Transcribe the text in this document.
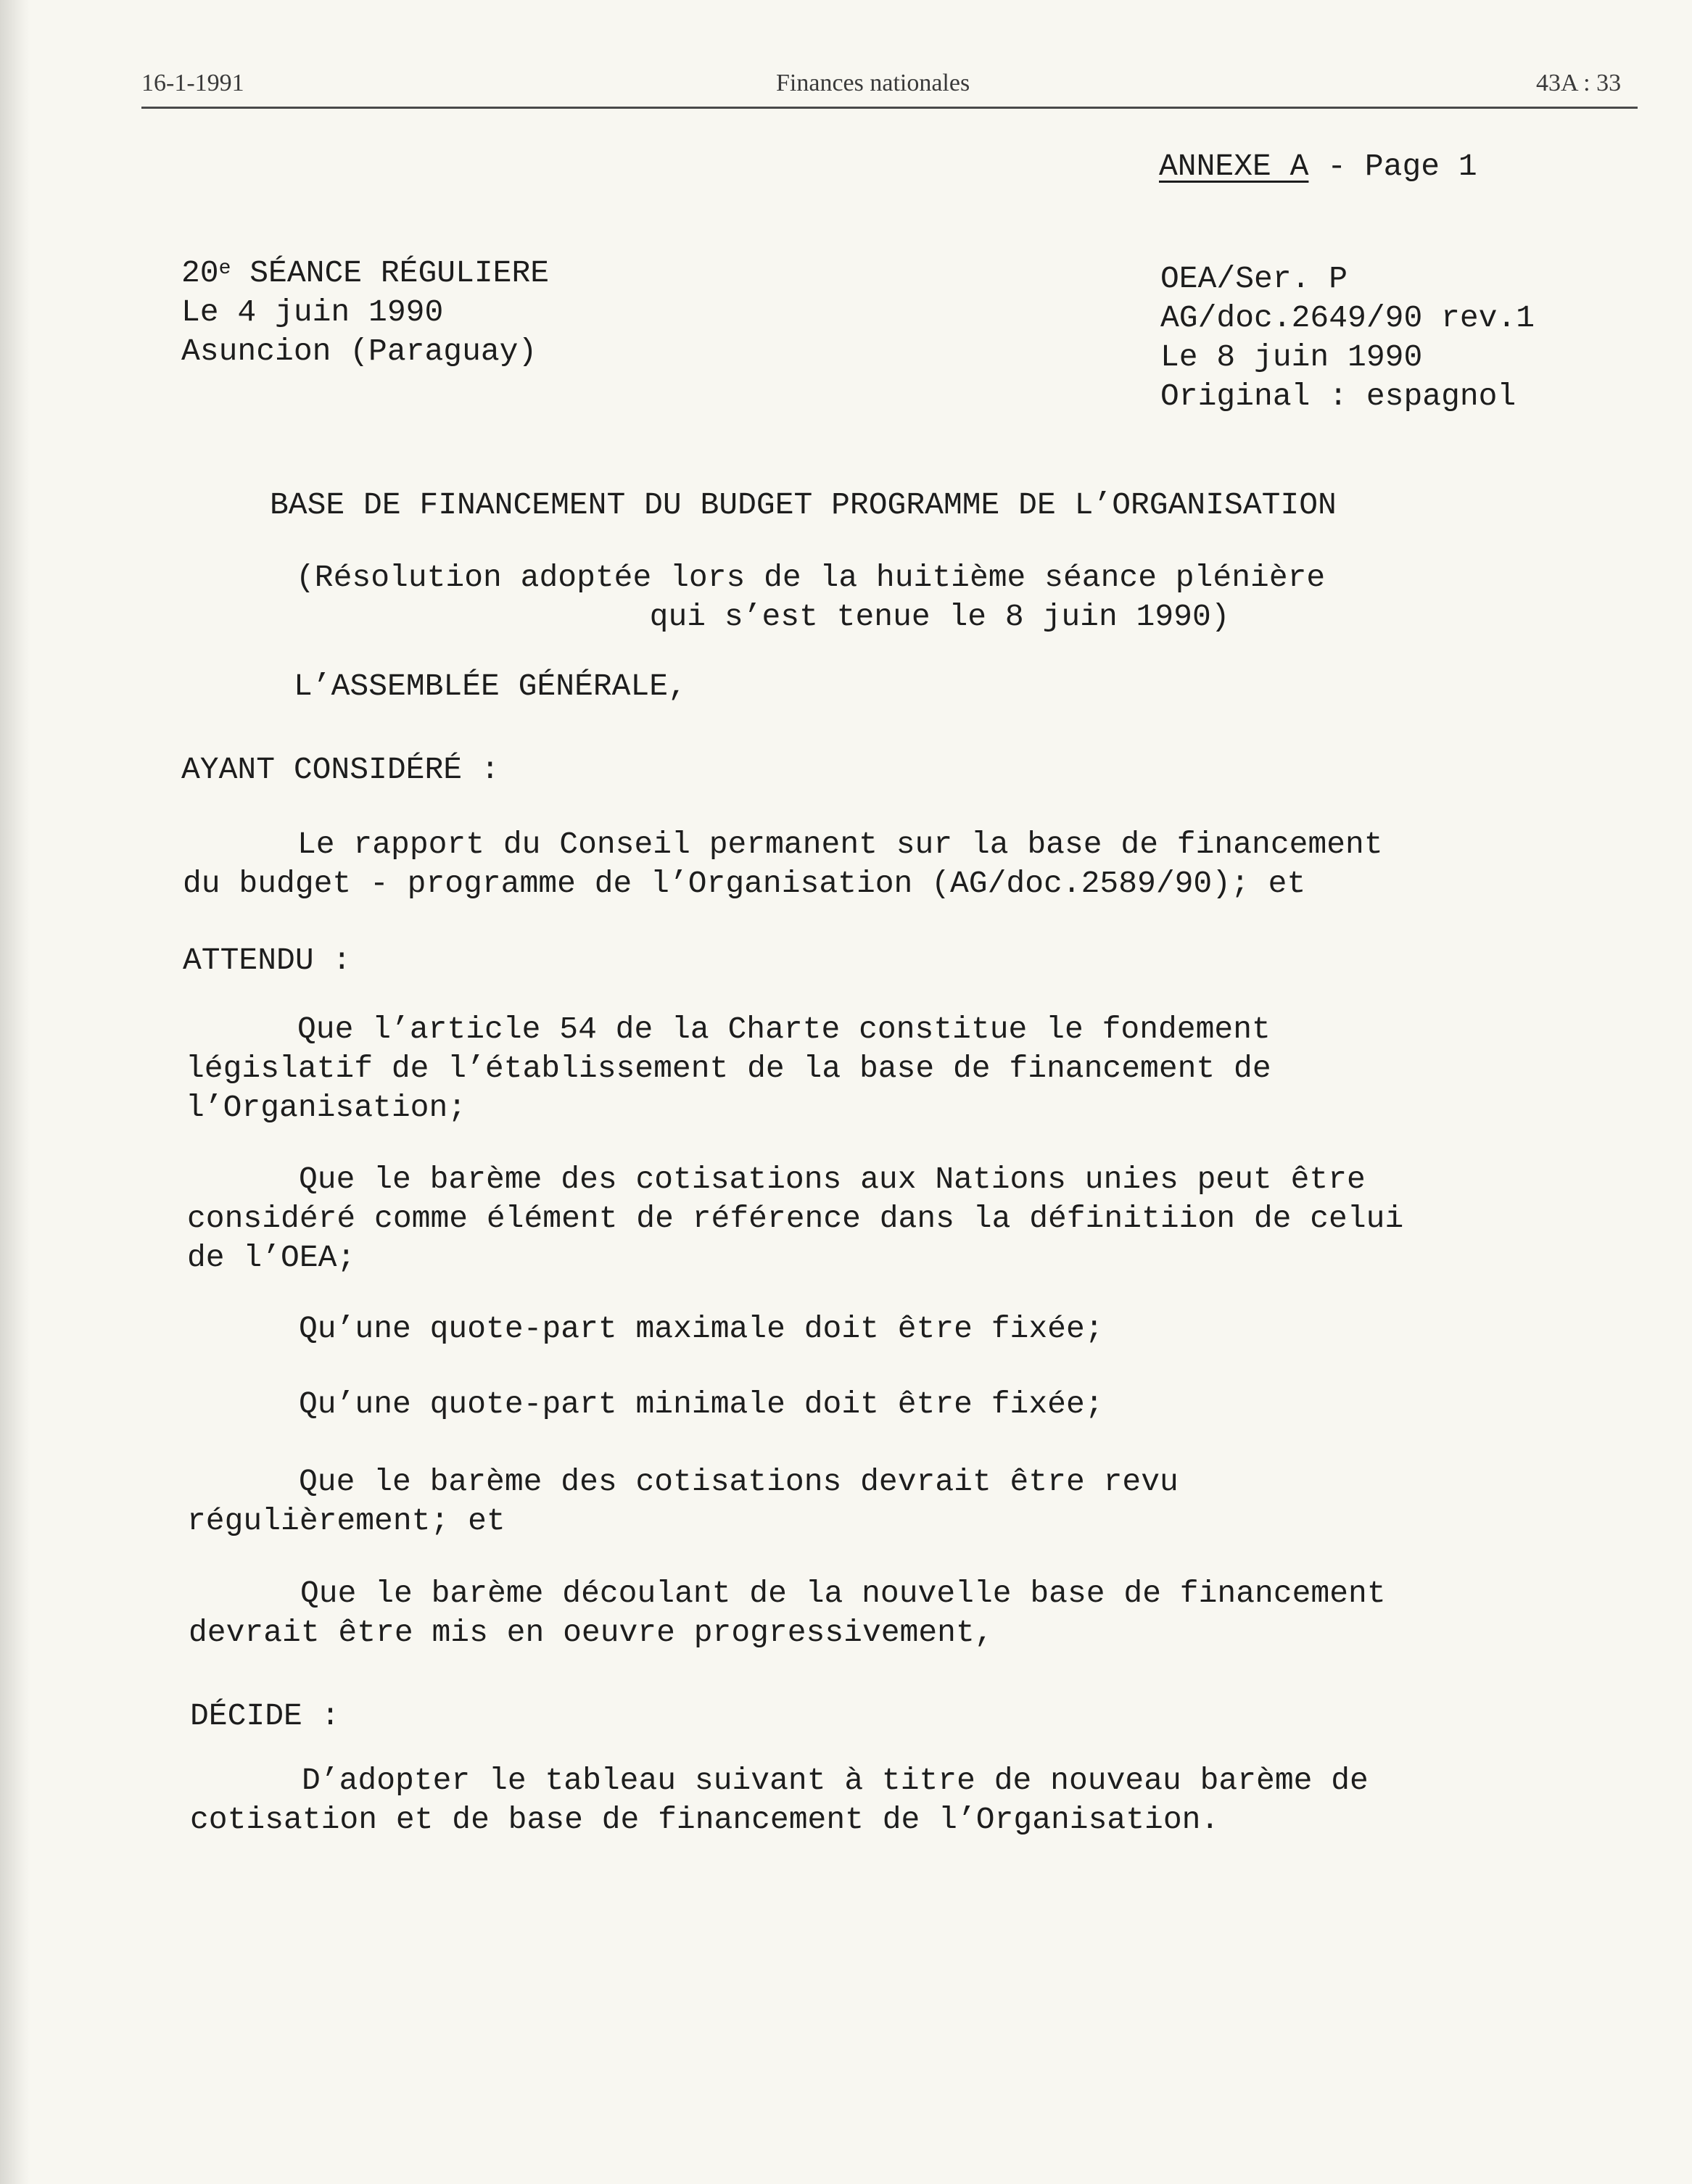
16-1-1991	Finances nationales	43A : 33
ANNEXE A - Page 1
20e SÉANCE RÉGULIERE
Le 4 juin 1990
Asuncion (Paraguay)
OEA/Ser. P
AG/doc.2649/90 rev.1
Le 8 juin 1990
Original : espagnol
BASE DE FINANCEMENT DU BUDGET PROGRAMME DE L’ORGANISATION
(Résolution adoptée lors de la huitième séance plénière
qui s’est tenue le 8 juin 1990)
L’ASSEMBLÉE GÉNÉRALE,
AYANT CONSIDÉRÉ :
Le rapport du Conseil permanent sur la base de financement
du budget - programme de l’Organisation (AG/doc.2589/90); et
ATTENDU :
Que l’article 54 de la Charte constitue le fondement
législatif de l’établissement de la base de financement de
l’Organisation;
Que le barème des cotisations aux Nations unies peut être
considéré comme élément de référence dans la définitiion de celui
de l’OEA;
Qu’une quote-part maximale doit être fixée;
Qu’une quote-part minimale doit être fixée;
Que le barème des cotisations devrait être revu
régulièrement; et
Que le barème découlant de la nouvelle base de financement
devrait être mis en oeuvre progressivement,
DÉCIDE :
D’adopter le tableau suivant à titre de nouveau barème de
cotisation et de base de financement de l’Organisation.
